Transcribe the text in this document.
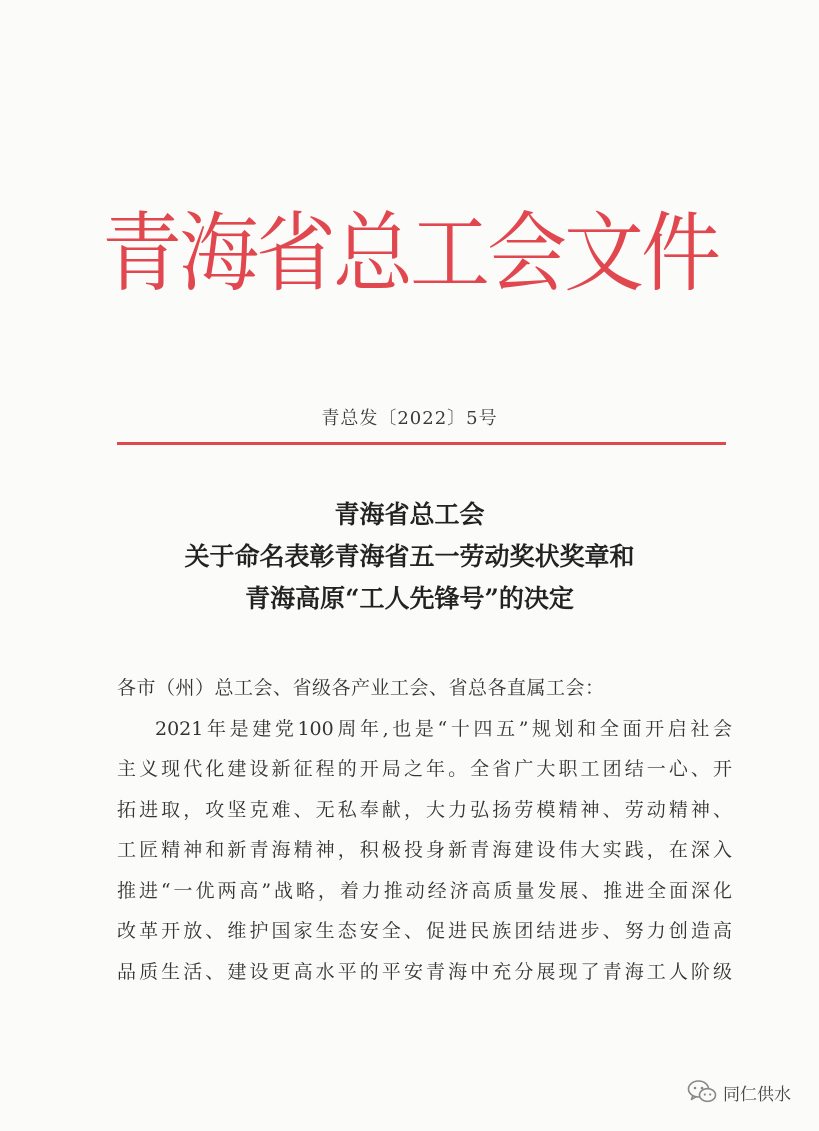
青海省总工会文件
青总发〔2022〕5号
青海省总工会
关于命名表彰青海省五一劳动奖状奖章和
青海高原“工人先锋号”的决定
各市（州）总工会、省级各产业工会、省总各直属工会：
2021年是建党100周年,也是“十四五”规划和全面开启社会
主义现代化建设新征程的开局之年。全省广大职工团结一心、开
拓进取，攻坚克难、无私奉献，大力弘扬劳模精神、劳动精神、
工匠精神和新青海精神，积极投身新青海建设伟大实践，在深入
推进“一优两高”战略，着力推动经济高质量发展、推进全面深化
改革开放、维护国家生态安全、促进民族团结进步、努力创造高
品质生活、建设更高水平的平安青海中充分展现了青海工人阶级
同仁供水
